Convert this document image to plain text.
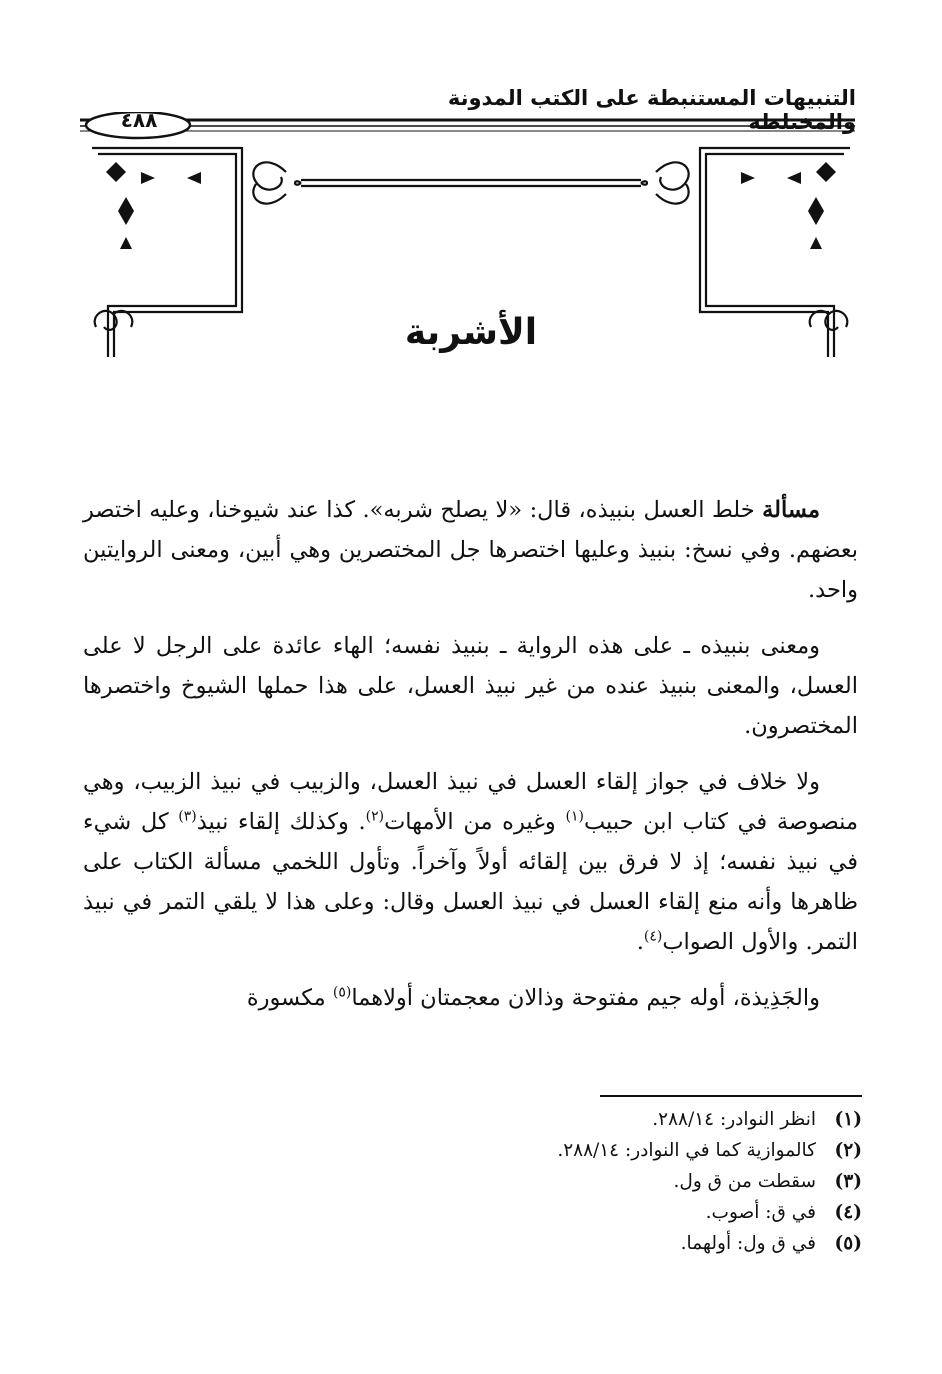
التنبيهات المستنبطة على الكتب المدونة والمختلطة
٤٨٨
الأشربة

مسألة خلط العسل بنبيذه، قال: «لا يصلح شربه». كذا عند شيوخنا، وعليه اختصر بعضهم. وفي نسخ: بنبيذ وعليها اختصرها جل المختصرين وهي أبين، ومعنى الروايتين واحد.

ومعنى بنبيذه ـ على هذه الرواية ـ بنبيذ نفسه؛ الهاء عائدة على الرجل لا على العسل، والمعنى بنبيذ عنده من غير نبيذ العسل، على هذا حملها الشيوخ واختصرها المختصرون.

ولا خلاف في جواز إلقاء العسل في نبيذ العسل، والزبيب في نبيذ الزبيب، وهي منصوصة في كتاب ابن حبيب$^{(١)}$ وغيره من الأمهات$^{(٢)}$. وكذلك إلقاء نبيذ$^{(٣)}$ كل شيء في نبيذ نفسه؛ إذ لا فرق بين إلقائه أولاً وآخراً. وتأول اللخمي مسألة الكتاب على ظاهرها وأنه منع إلقاء العسل في نبيذ العسل وقال: وعلى هذا لا يلقي التمر في نبيذ التمر. والأول الصواب$^{(٤)}$.

والجَذِيذة، أوله جيم مفتوحة وذالان معجمتان أولاهما$^{(٥)}$ مكسورة

(١)
انظر النوادر: ٢٨٨/١٤.
(٢)
كالموازية كما في النوادر: ٢٨٨/١٤.
(٣)
سقطت من ق ول.
(٤)
في ق: أصوب.
(٥)
في ق ول: أولهما.
